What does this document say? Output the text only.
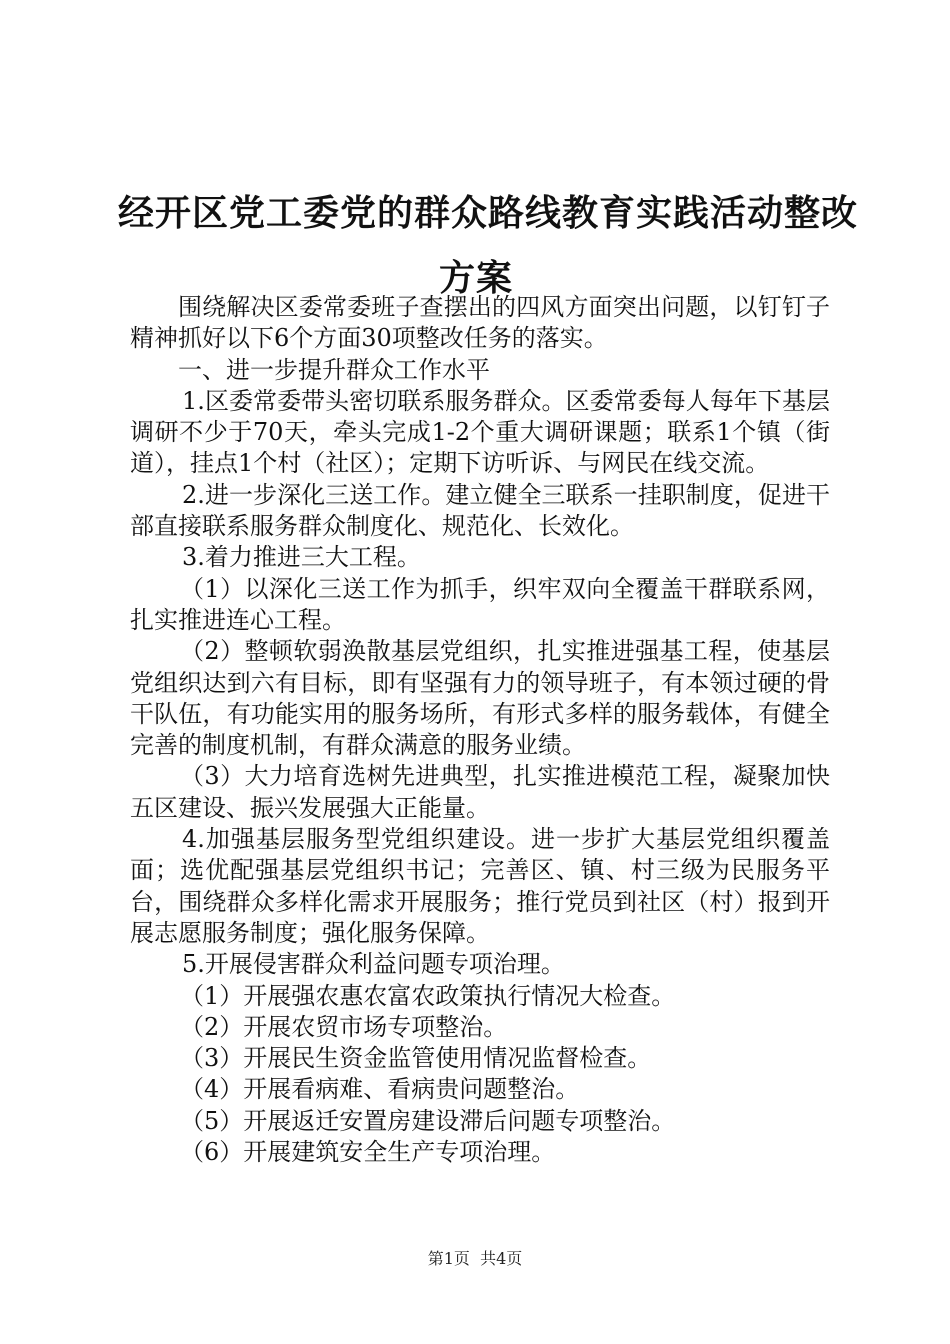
经开区党工委党的群众路线教育实践活动整改
方案

围绕解决区委常委班子查摆出的四风方面突出问题，以钉钉子精神抓好以下6个方面30项整改任务的落实。

一、进一步提升群众工作水平

1.区委常委带头密切联系服务群众。区委常委每人每年下基层调研不少于70天，牵头完成1-2个重大调研课题；联系1个镇（街道），挂点1个村（社区）；定期下访听诉、与网民在线交流。

2.进一步深化三送工作。建立健全三联系一挂职制度，促进干部直接联系服务群众制度化、规范化、长效化。

3.着力推进三大工程。

（1）以深化三送工作为抓手，织牢双向全覆盖干群联系网，扎实推进连心工程。

（2）整顿软弱涣散基层党组织，扎实推进强基工程，使基层党组织达到六有目标，即有坚强有力的领导班子，有本领过硬的骨干队伍，有功能实用的服务场所，有形式多样的服务载体，有健全完善的制度机制，有群众满意的服务业绩。

（3）大力培育选树先进典型，扎实推进模范工程，凝聚加快五区建设、振兴发展强大正能量。

4.加强基层服务型党组织建设。进一步扩大基层党组织覆盖面；选优配强基层党组织书记；完善区、镇、村三级为民服务平台，围绕群众多样化需求开展服务；推行党员到社区（村）报到开展志愿服务制度；强化服务保障。

5.开展侵害群众利益问题专项治理。

（1）开展强农惠农富农政策执行情况大检查。

（2）开展农贸市场专项整治。

（3）开展民生资金监管使用情况监督检查。

（4）开展看病难、看病贵问题整治。

（5）开展返迁安置房建设滞后问题专项整治。

（6）开展建筑安全生产专项治理。

第1页  共4页
